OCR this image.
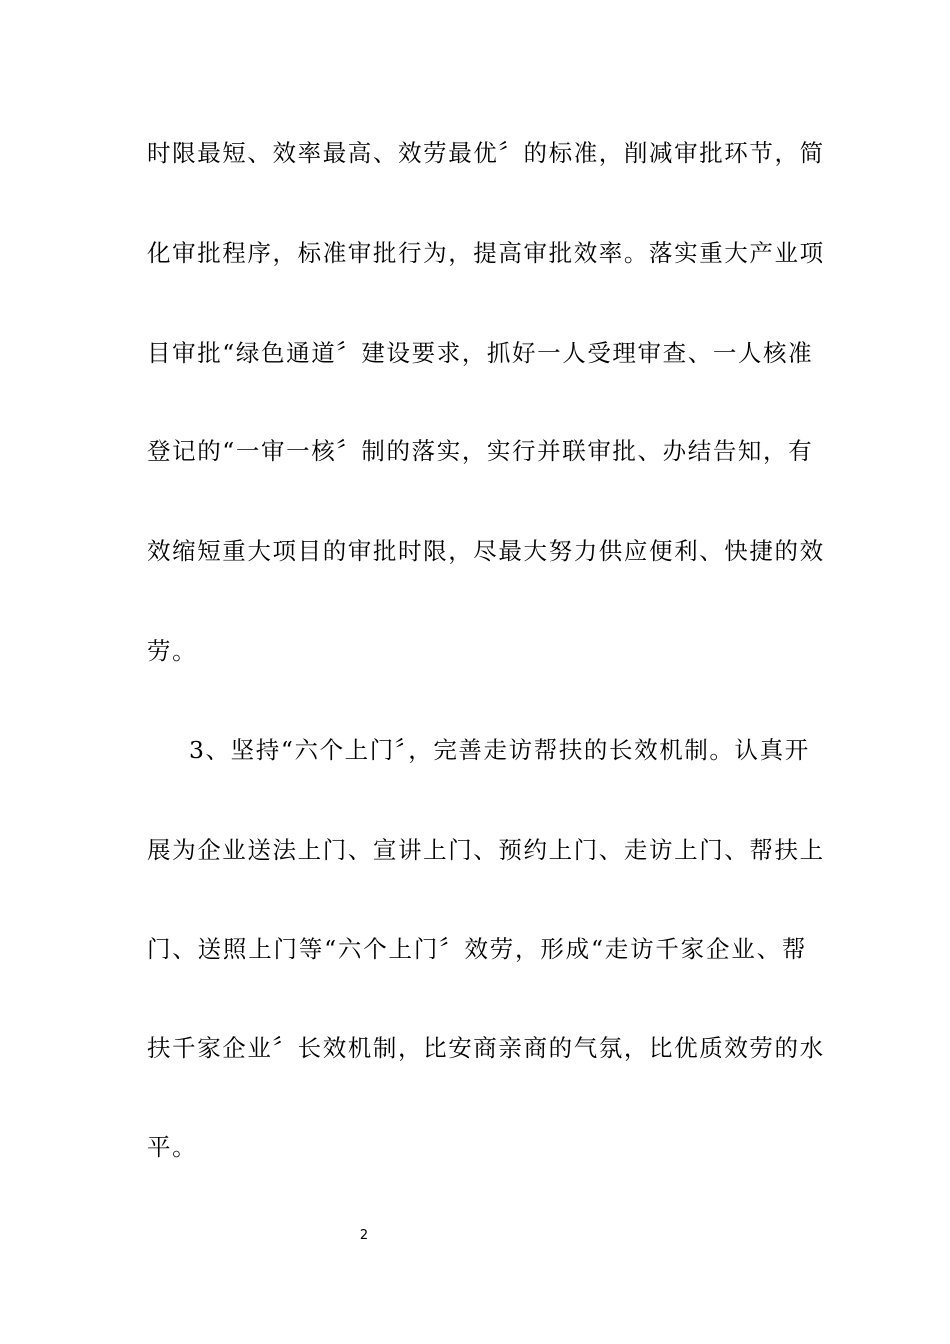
时限最短、效率最高、效劳最优〞的标准，削减审批环节，简
化审批程序，标准审批行为，提高审批效率。落实重大产业项
目审批“绿色通道〞建设要求，抓好一人受理审查、一人核准
登记的“一审一核〞制的落实，实行并联审批、办结告知，有
效缩短重大项目的审批时限，尽最大努力供应便利、快捷的效
劳。
3、坚持“六个上门〞，完善走访帮扶的长效机制。认真开
展为企业送法上门、宣讲上门、预约上门、走访上门、帮扶上
门、送照上门等“六个上门〞效劳，形成“走访千家企业、帮
扶千家企业〞长效机制，比安商亲商的气氛，比优质效劳的水
平。
2
